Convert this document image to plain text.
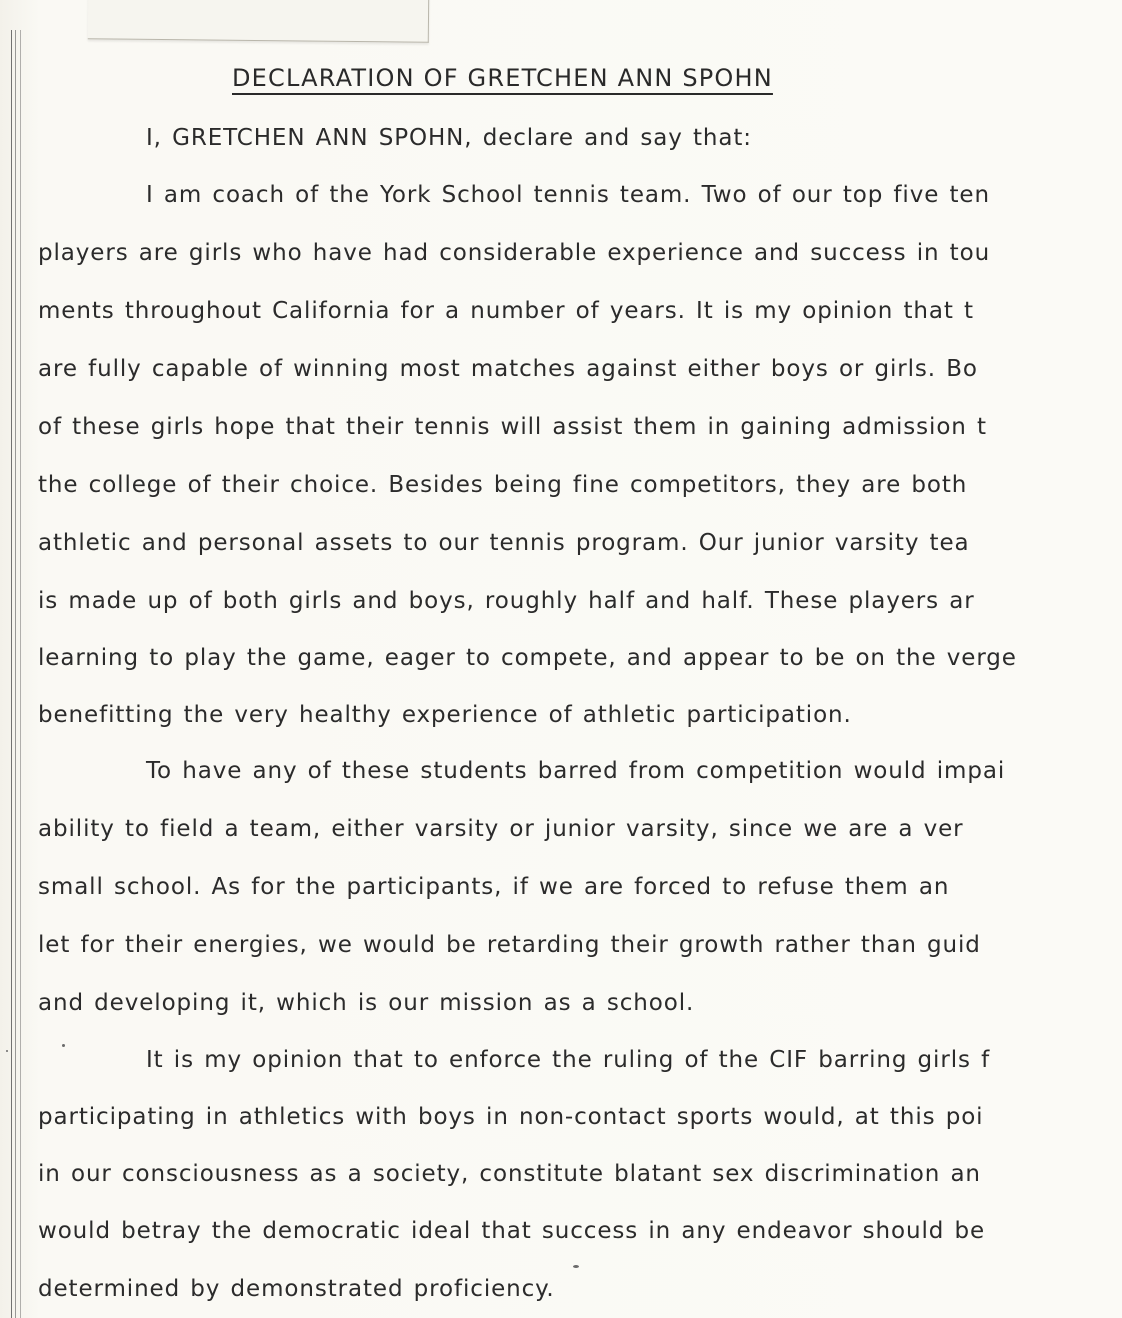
DECLARATION OF GRETCHEN ANN SPOHN
I, GRETCHEN ANN SPOHN, declare and say that:
I am coach of the York School tennis team. Two of our top five ten
players are girls who have had considerable experience and success in tou
ments throughout California for a number of years. It is my opinion that t
are fully capable of winning most matches against either boys or girls. Bo
of these girls hope that their tennis will assist them in gaining admission t
the college of their choice. Besides being fine competitors, they are both
athletic and personal assets to our tennis program. Our junior varsity tea
is made up of both girls and boys, roughly half and half. These players ar
learning to play the game, eager to compete, and appear to be on the verge
benefitting the very healthy experience of athletic participation.
To have any of these students barred from competition would impai
ability to field a team, either varsity or junior varsity, since we are a ver
small school. As for the participants, if we are forced to refuse them an
let for their energies, we would be retarding their growth rather than guid
and developing it, which is our mission as a school.
It is my opinion that to enforce the ruling of the CIF barring girls f
participating in athletics with boys in non-contact sports would, at this poi
in our consciousness as a society, constitute blatant sex discrimination an
would betray the democratic ideal that success in any endeavor should be
determined by demonstrated proficiency.
